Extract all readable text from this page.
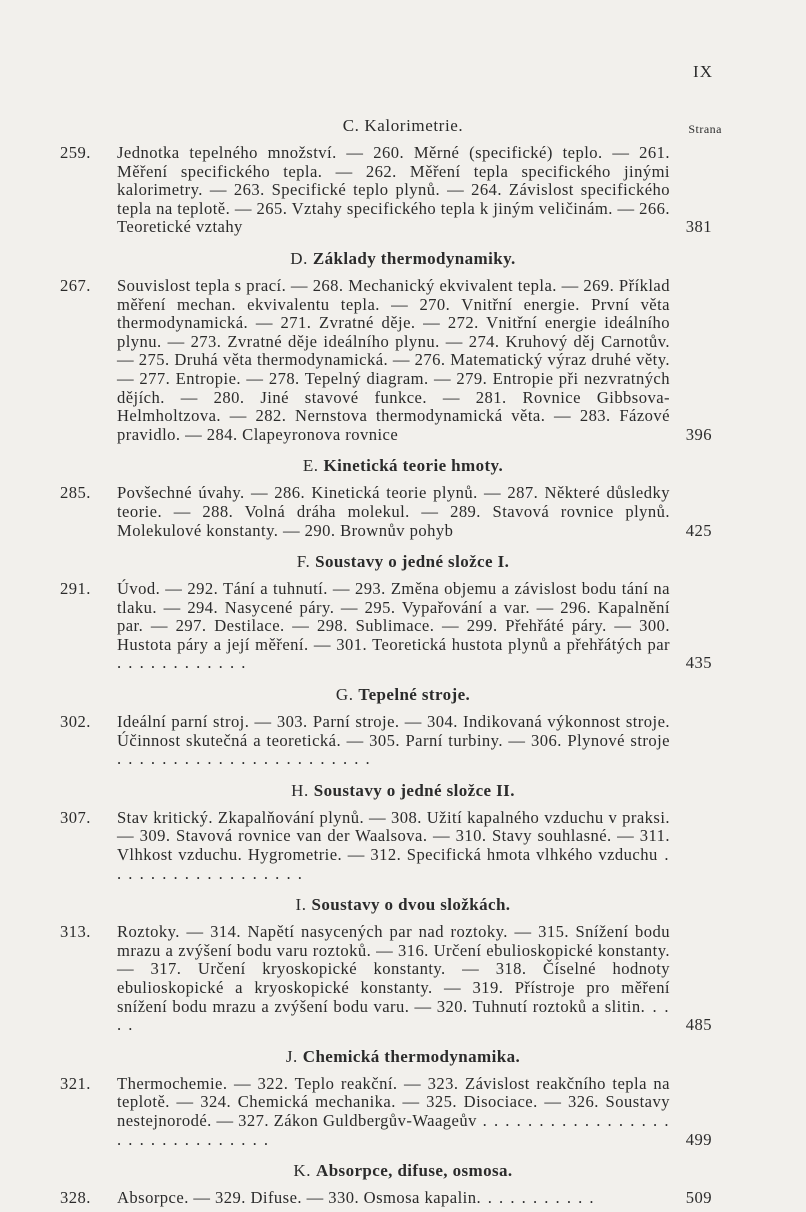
IX
C. Kalorimetrie.	Strana
259. Jednotka tepelného množství. — 260. Měrné (specifické) teplo. — 261. Měření specifického tepla. — 262. Měření tepla specifického jinými kalorimetry. — 263. Specifické teplo plynů. — 264. Závislost specifického tepla na teplotě. — 265. Vztahy specifického tepla k jiným veličinám. — 266. Teoretické vztahy	381
D. Základy thermodynamiky.
267. Souvislost tepla s prací. — 268. Mechanický ekvivalent tepla. — 269. Příklad měření mechan. ekvivalentu tepla. — 270. Vnitřní energie. První věta thermodynamická. — 271. Zvratné děje. — 272. Vnitřní energie ideálního plynu. — 273. Zvratné děje ideálního plynu. — 274. Kruhový děj Carnotův. — 275. Druhá věta thermodynamická. — 276. Matematický výraz druhé věty. — 277. Entropie. — 278. Tepelný diagram. — 279. Entropie při nezvratných dějích. — 280. Jiné stavové funkce. — 281. Rovnice Gibbsova-Helmholtzova. — 282. Nernstova thermodynamická věta. — 283. Fázové pravidlo. — 284. Clapeyronova rovnice	396
E. Kinetická teorie hmoty.
285. Povšechné úvahy. — 286. Kinetická teorie plynů. — 287. Některé důsledky teorie. — 288. Volná dráha molekul. — 289. Stavová rovnice plynů. Molekulové konstanty. — 290. Brownův pohyb	425
F. Soustavy o jedné složce I.
291. Úvod. — 292. Tání a tuhnutí. — 293. Změna objemu a závislost bodu tání na tlaku. — 294. Nasycené páry. — 295. Vypařování a var. — 296. Kapalnění par. — 297. Destilace. — 298. Sublimace. — 299. Přehřáté páry. — 300. Hustota páry a její měření. — 301. Teoretická hustota plynů a přehřátých par . . . . . . . . . . . .	435
G. Tepelné stroje.
302. Ideální parní stroj. — 303. Parní stroje. — 304. Indikovaná výkonnost stroje. Účinnost skutečná a teoretická. — 305. Parní turbiny. — 306. Plynové stroje . . . . . . . . . . . . . . . . . . . . . . .
H. Soustavy o jedné složce II.
307. Stav kritický. Zkapalňování plynů. — 308. Užití kapalného vzduchu v praksi. — 309. Stavová rovnice van der Waalsova. — 310. Stavy souhlasné. — 311. Vlhkost vzduchu. Hygrometrie. — 312. Specifická hmota vlhkého vzduchu . . . . . . . . . . . . . . . . . .
I. Soustavy o dvou složkách.
313. Roztoky. — 314. Napětí nasycených par nad roztoky. — 315. Snížení bodu mrazu a zvýšení bodu varu roztoků. — 316. Určení ebulioskopické konstanty. — 317. Určení kryoskopické konstanty. — 318. Číselné hodnoty ebulioskopické a kryoskopické konstanty. — 319. Přístroje pro měření snížení bodu mrazu a zvýšení bodu varu. — 320. Tuhnutí roztoků a slitin. . . . .	485
J. Chemická thermodynamika.
321. Thermochemie. — 322. Teplo reakční. — 323. Závislost reakčního tepla na teplotě. — 324. Chemická mechanika. — 325. Disociace. — 326. Soustavy nestejnorodé. — 327. Zákon Guldbergův-Waageův . . . . . . . . . . . . . . . . . . . . . . . . . . . . . . .	499
K. Absorpce, difuse, osmosa.
328. Absorpce. — 329. Difuse. — 330. Osmosa kapalin. . . . . . . . . . .	509
